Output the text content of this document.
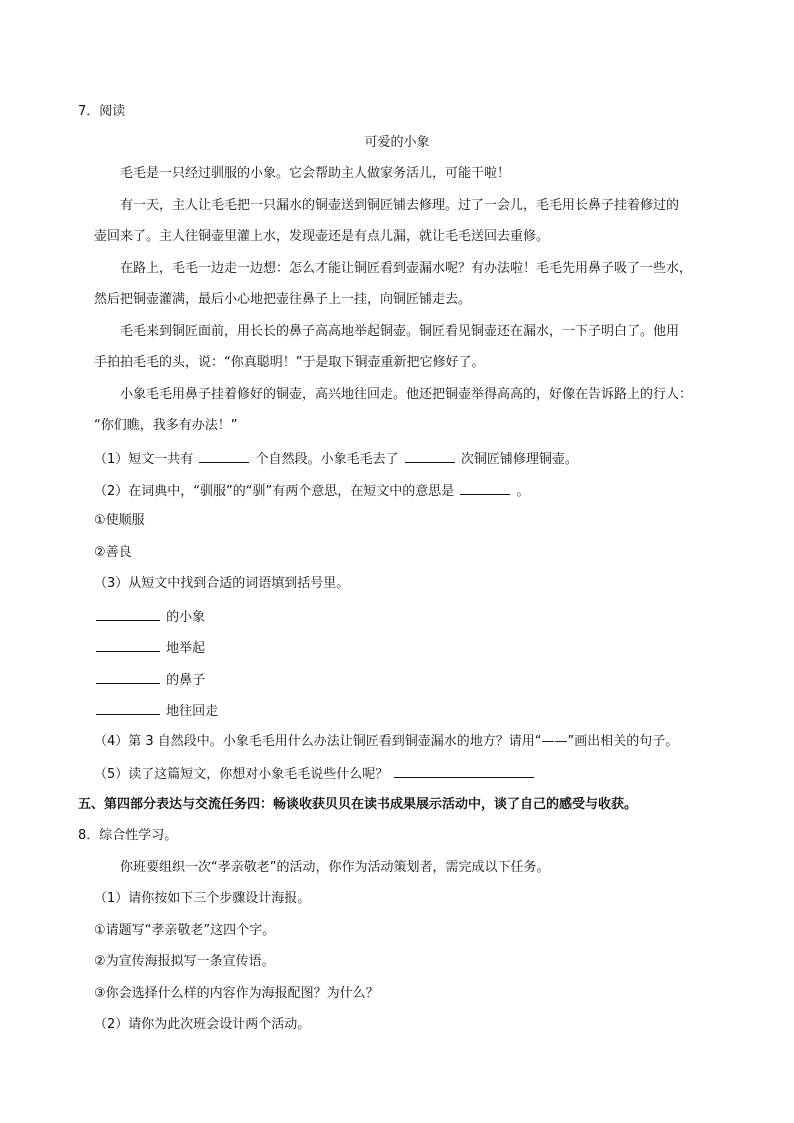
7．阅读
可爱的小象
毛毛是一只经过驯服的小象。它会帮助主人做家务活儿，可能干啦！
有一天，主人让毛毛把一只漏水的铜壶送到铜匠铺去修理。过了一会儿，毛毛用长鼻子挂着修过的
壶回来了。主人往铜壶里灌上水，发现壶还是有点儿漏，就让毛毛送回去重修。
在路上，毛毛一边走一边想：怎么才能让铜匠看到壶漏水呢？有办法啦！毛毛先用鼻子吸了一些水，
然后把铜壶灌满，最后小心地把壶往鼻子上一挂，向铜匠铺走去。
毛毛来到铜匠面前，用长长的鼻子高高地举起铜壶。铜匠看见铜壶还在漏水，一下子明白了。他用
手拍拍毛毛的头，说：“你真聪明！”于是取下铜壶重新把它修好了。
小象毛毛用鼻子挂着修好的铜壶，高兴地往回走。他还把铜壶举得高高的，好像在告诉路上的行人：
“你们瞧，我多有办法！”
（1）短文一共有	个自然段。小象毛毛去了	次铜匠铺修理铜壶。
（2）在词典中，“驯服”的“驯”有两个意思，在短文中的意思是	。
①使顺服
②善良
（3）从短文中找到合适的词语填到括号里。
的小象
地举起
的鼻子
地往回走
（4）第 3 自然段中。小象毛毛用什么办法让铜匠看到铜壶漏水的地方？请用“——”画出相关的句子。
（5）读了这篇短文，你想对小象毛毛说些什么呢？
五、第四部分表达与交流任务四：畅谈收获贝贝在读书成果展示活动中，谈了自己的感受与收获。
8．综合性学习。
你班要组织一次“孝亲敬老”的活动，你作为活动策划者，需完成以下任务。
（1）请你按如下三个步骤设计海报。
①请题写“孝亲敬老”这四个字。
②为宣传海报拟写一条宣传语。
③你会选择什么样的内容作为海报配图？为什么？
（2）请你为此次班会设计两个活动。
